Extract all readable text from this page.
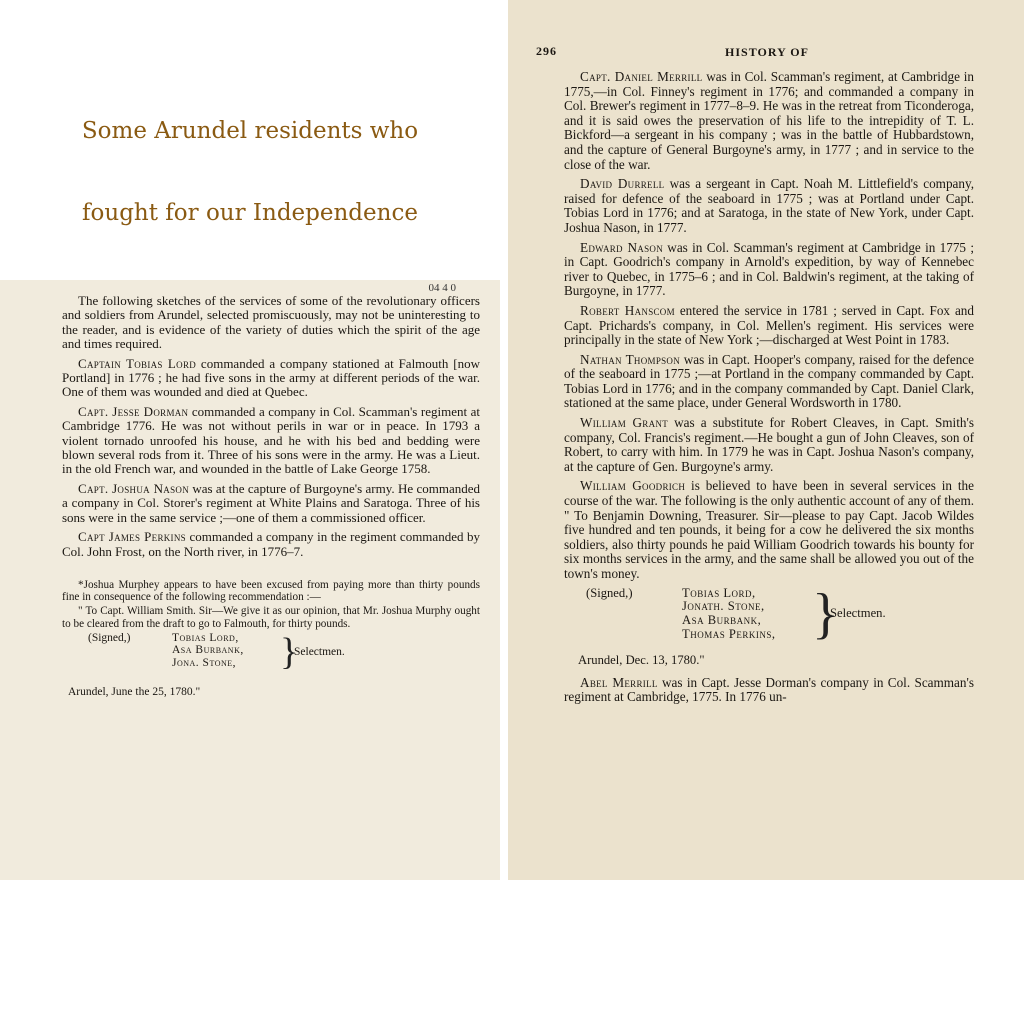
Some Arundel residents who
fought for our Independence
04 4 0

The following sketches of the services of some of the revolutionary officers and soldiers from Arundel, selected promiscuously, may not be uninteresting to the reader, and is evidence of the variety of duties which the spirit of the age and times required.

Captain Tobias Lord commanded a company stationed at Falmouth [now Portland] in 1776 ; he had five sons in the army at different periods of the war. One of them was wounded and died at Quebec.

Capt. Jesse Dorman commanded a company in Col. Scamman's regiment at Cambridge 1776. He was not without perils in war or in peace. In 1793 a violent tornado unroofed his house, and he with his bed and bedding were blown several rods from it. Three of his sons were in the army. He was a Lieut. in the old French war, and wounded in the battle of Lake George 1758.

Capt. Joshua Nason was at the capture of Burgoyne's army. He commanded a company in Col. Storer's regiment at White Plains and Saratoga. Three of his sons were in the same service ;—one of them a commissioned officer.

Capt James Perkins commanded a company in the regiment commanded by Col. John Frost, on the North river, in 1776–7.

*Joshua Murphey appears to have been excused from paying more than thirty pounds fine in consequence of the following recommendation :—

" To Capt. William Smith. Sir—We give it as our opinion, that Mr. Joshua Murphy ought to be cleared from the draft to go to Falmouth, for thirty pounds.

(Signed,)	Tobias Lord,
Asa Burbank,
Jona. Stone, }
Selectmen.
Arundel, June the 25, 1780."
296	HISTORY OF

Capt. Daniel Merrill was in Col. Scamman's regiment, at Cambridge in 1775,—in Col. Finney's regiment in 1776; and commanded a company in Col. Brewer's regiment in 1777–8–9. He was in the retreat from Ticonderoga, and it is said owes the preservation of his life to the intrepidity of T. L. Bickford—a sergeant in his company ; was in the battle of Hubbardstown, and the capture of General Burgoyne's army, in 1777 ; and in service to the close of the war.

David Durrell was a sergeant in Capt. Noah M. Littlefield's company, raised for defence of the seaboard in 1775 ; was at Portland under Capt. Tobias Lord in 1776; and at Saratoga, in the state of New York, under Capt. Joshua Nason, in 1777.

Edward Nason was in Col. Scamman's regiment at Cambridge in 1775 ; in Capt. Goodrich's company in Arnold's expedition, by way of Kennebec river to Quebec, in 1775–6 ; and in Col. Baldwin's regiment, at the taking of Burgoyne, in 1777.

Robert Hanscom entered the service in 1781 ; served in Capt. Fox and Capt. Prichards's company, in Col. Mellen's regiment. His services were principally in the state of New York ;—discharged at West Point in 1783.

Nathan Thompson was in Capt. Hooper's company, raised for the defence of the seaboard in 1775 ;—at Portland in the company commanded by Capt. Tobias Lord in 1776; and in the company commanded by Capt. Daniel Clark, stationed at the same place, under General Wordsworth in 1780.

William Grant was a substitute for Robert Cleaves, in Capt. Smith's company, Col. Francis's regiment.—He bought a gun of John Cleaves, son of Robert, to carry with him. In 1779 he was in Capt. Joshua Nason's company, at the capture of Gen. Burgoyne's army.

William Goodrich is believed to have been in several services in the course of the war. The following is the only authentic account of any of them. " To Benjamin Downing, Treasurer. Sir—please to pay Capt. Jacob Wildes five hundred and ten pounds, it being for a cow he delivered the six months soldiers, also thirty pounds he paid William Goodrich towards his bounty for six months services in the army, and the same shall be allowed you out of the town's money.

(Signed,)	Tobias Lord,
Jonath. Stone,
Asa Burbank,
Thomas Perkins, }
Selectmen.
Arundel, Dec. 13, 1780."

Abel Merrill was in Capt. Jesse Dorman's company in Col. Scamman's regiment at Cambridge, 1775. In 1776 un-
